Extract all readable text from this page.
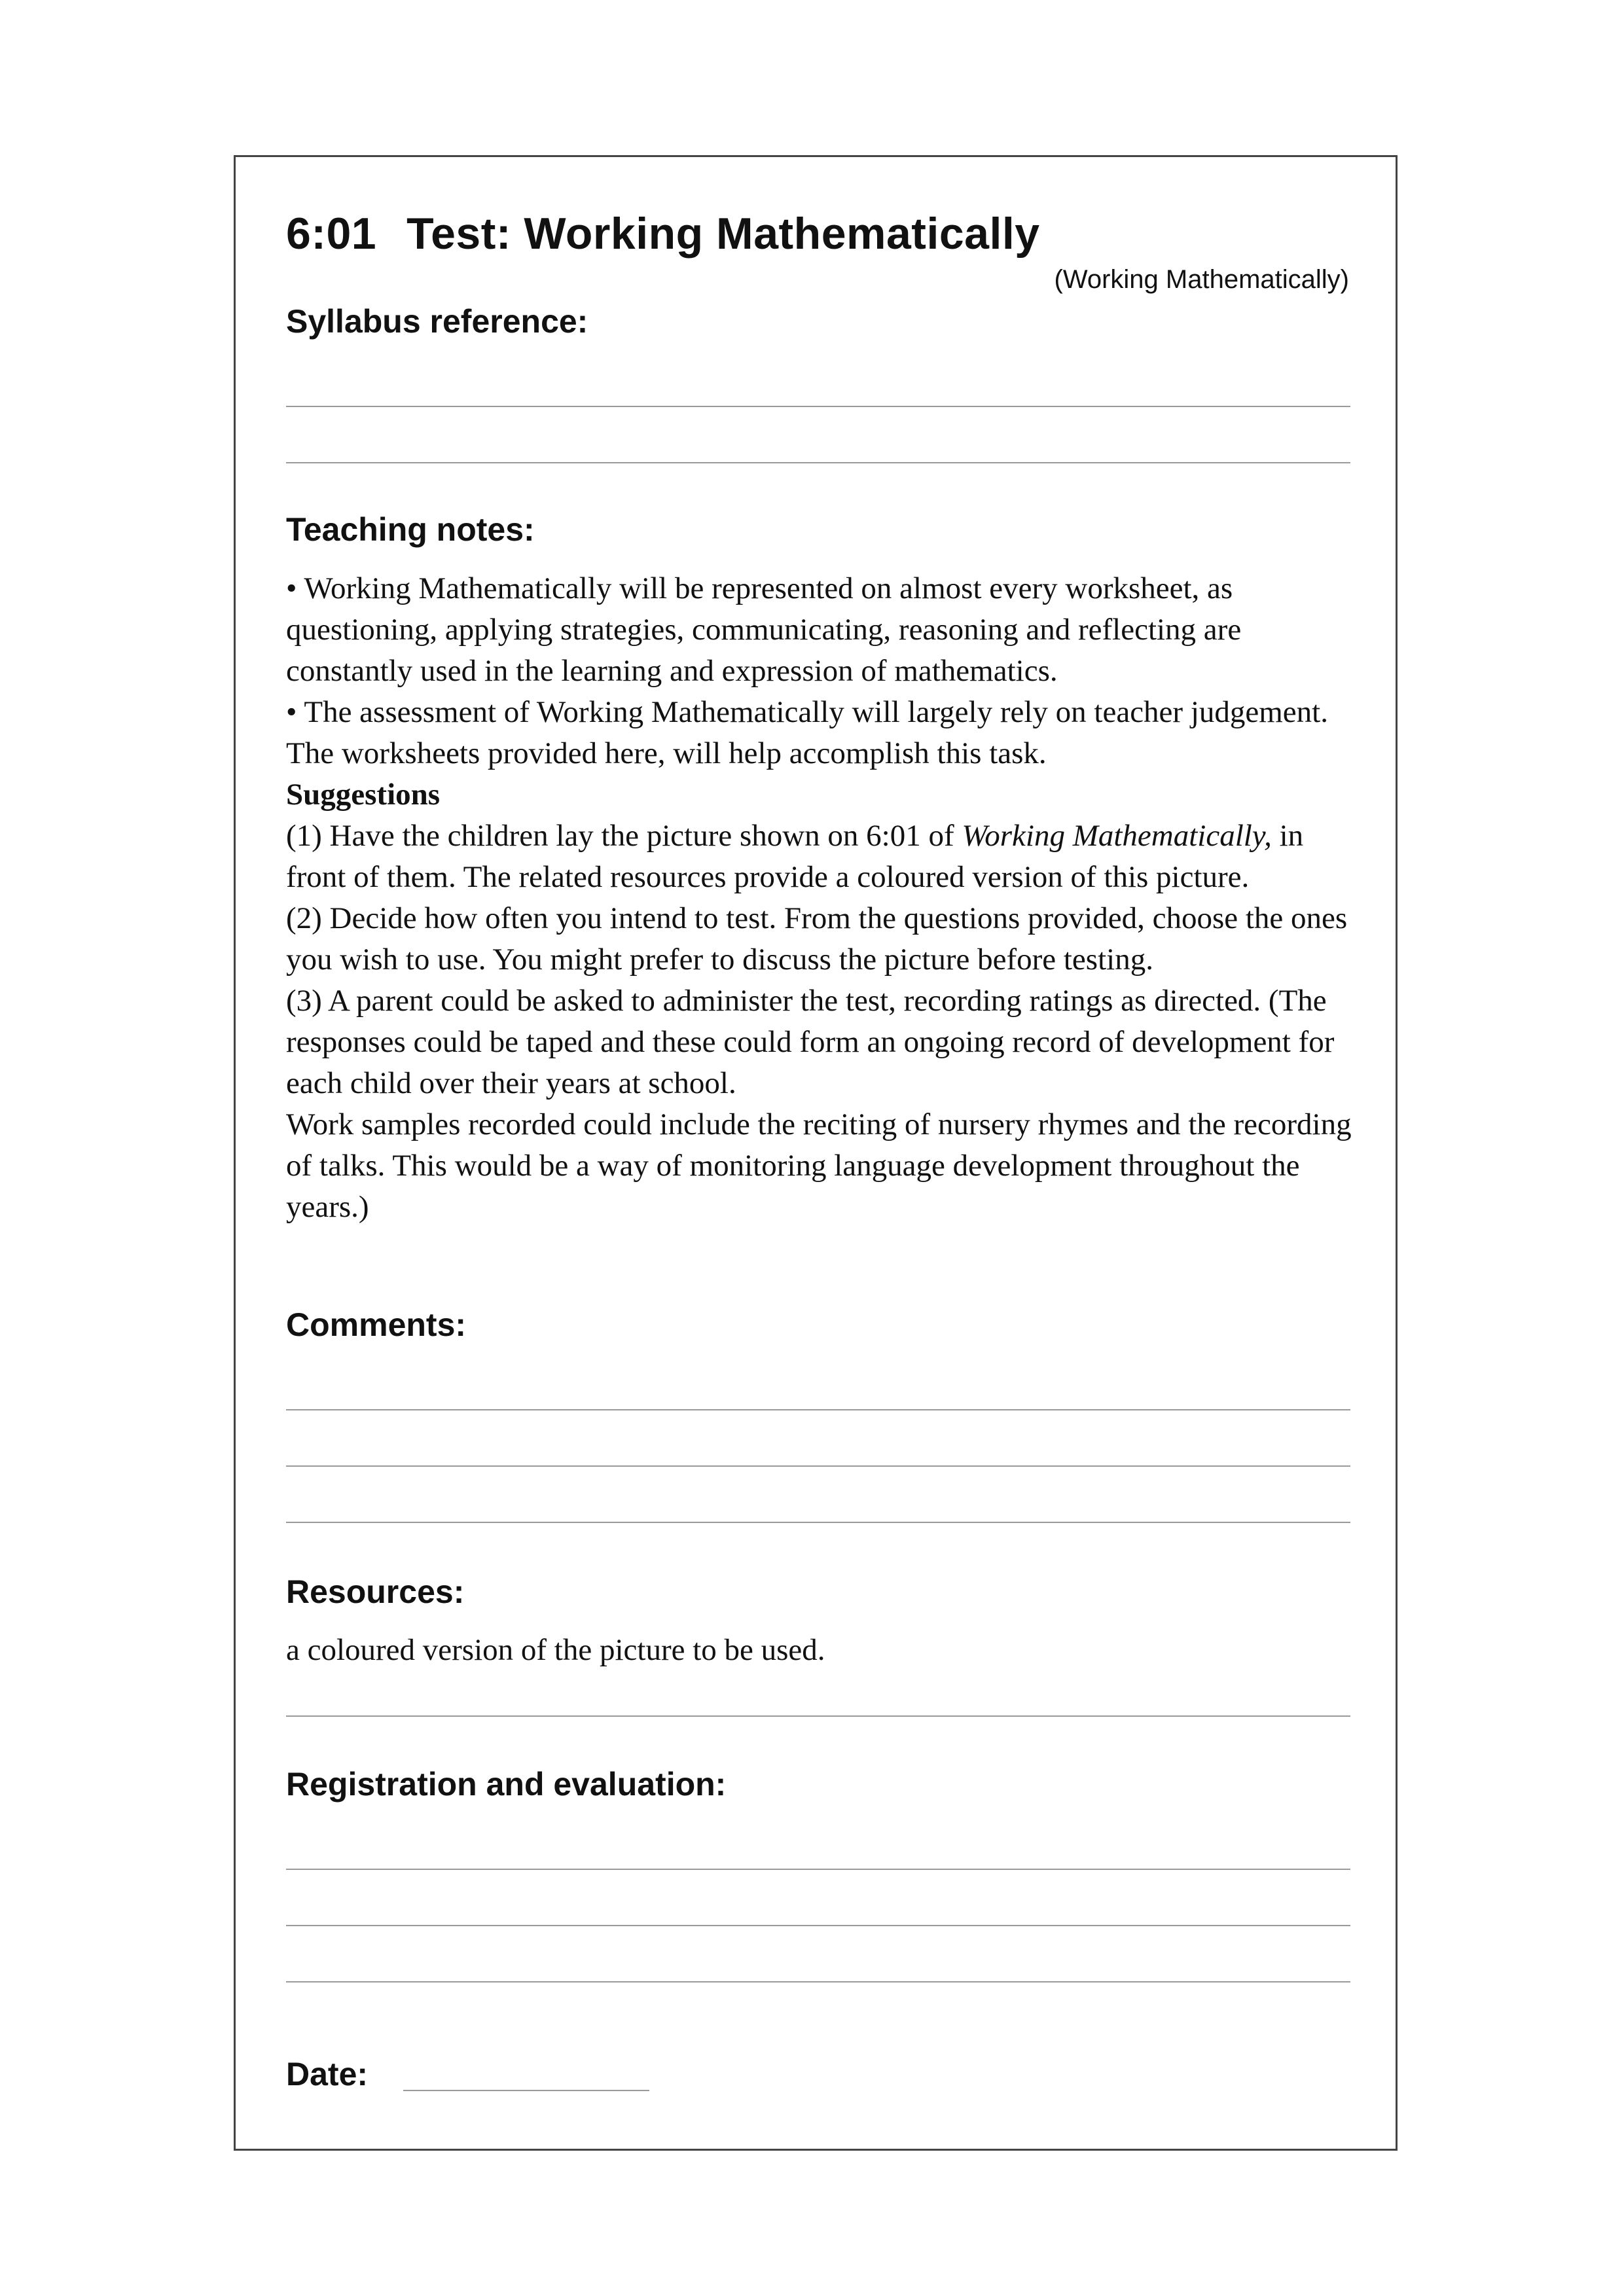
6:01 Test: Working Mathematically
(Working Mathematically)
Syllabus reference:
Teaching notes:

• Working Mathematically will be represented on almost every worksheet, as questioning, applying strategies, communicating, reasoning and reflecting are constantly used in the learning and expression of mathematics.

• The assessment of Working Mathematically will largely rely on teacher judgement. The worksheets provided here, will help accomplish this task.

Suggestions

(1) Have the children lay the picture shown on 6:01 of Working Mathematically, in front of them. The related resources provide a coloured version of this picture.

(2) Decide how often you intend to test. From the questions provided, choose the ones you wish to use. You might prefer to discuss the picture before testing.

(3) A parent could be asked to administer the test, recording ratings as directed. (The responses could be taped and these could form an ongoing record of development for each child over their years at school.

Work samples recorded could include the reciting of nursery rhymes and the recording of talks. This would be a way of monitoring language development throughout the years.)

Comments:
Resources:
a coloured version of the picture to be used.
Registration and evaluation:
Date:
